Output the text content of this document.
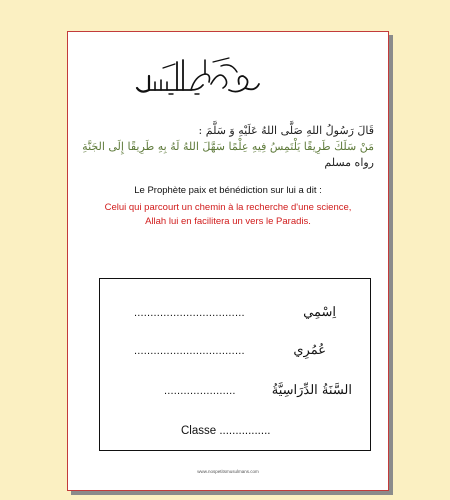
قَالَ رَسُولُ اللهِ صَلَّى اللهُ عَلَيْهِ وَ سَلَّمَ :
مَنْ سَلَكَ طَرِيقًا يَلْتَمِسُ فِيهِ عِلْمًا سَهَّلَ اللهُ لَهُ بِهِ طَرِيقًا إِلَى الجَنَّةِ
رواه مسلم
Le Prophète paix et bénédiction sur lui a dit :
Celui qui parcourt un chemin à la recherche d'une science,
Allah lui en facilitera un vers le Paradis.
اِسْمِي
..................................
عُمُرِي
..................................
السَّنَةُ الدِّرَاسِيَّةُ
......................
Classe ................
www.nospetitsmusulmans.com
